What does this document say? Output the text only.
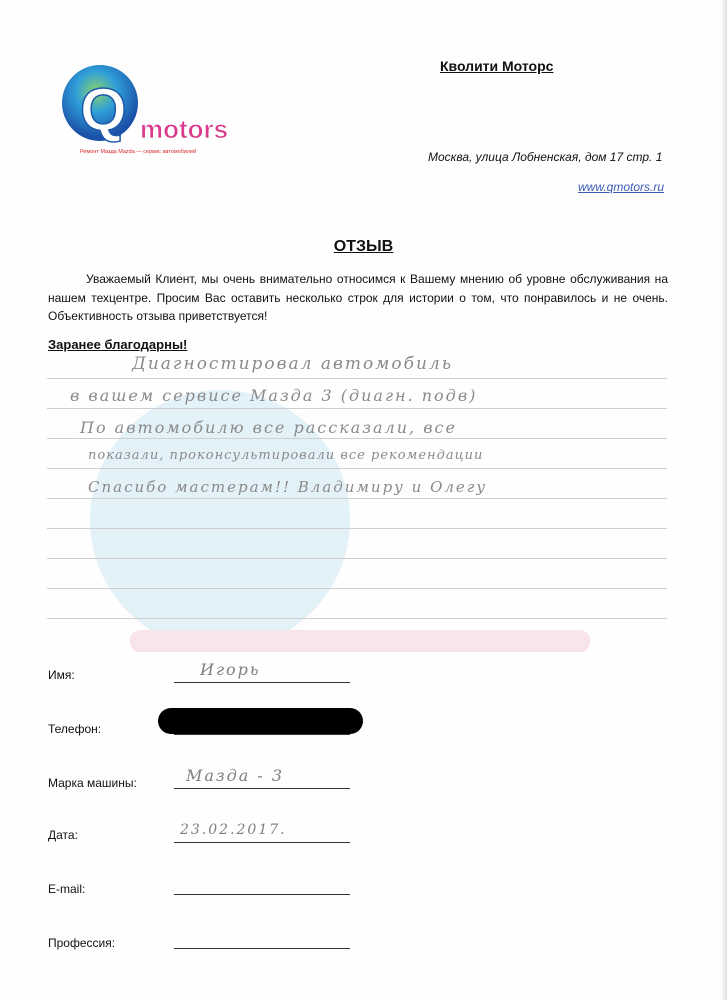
Q motors
Ремонт Мазда Mazda — сервис автомобилей
Кволити Моторс
Москва, улица Лобненская, дом 17 стр. 1
www.qmotors.ru
ОТЗЫВ
Уважаемый Клиент, мы очень внимательно относимся к Вашему мнению об уровне обслуживания на нашем техцентре. Просим Вас оставить несколько строк для истории о том, что понравилось и не очень. Объективность отзыва приветствуется!
Заранее благодарны!
Диагностировал автомобиль
в вашем сервисе Мазда 3 (диагн. подв)
По автомобилю все рассказали, все
показали, проконсультировали все рекомендации
Спасибо мастерам!! Владимиру и Олегу
Имя:	Игорь
Телефон:
Марка машины:	Мазда - 3
Дата:	23.02.2017.
E-mail:
Профессия:
